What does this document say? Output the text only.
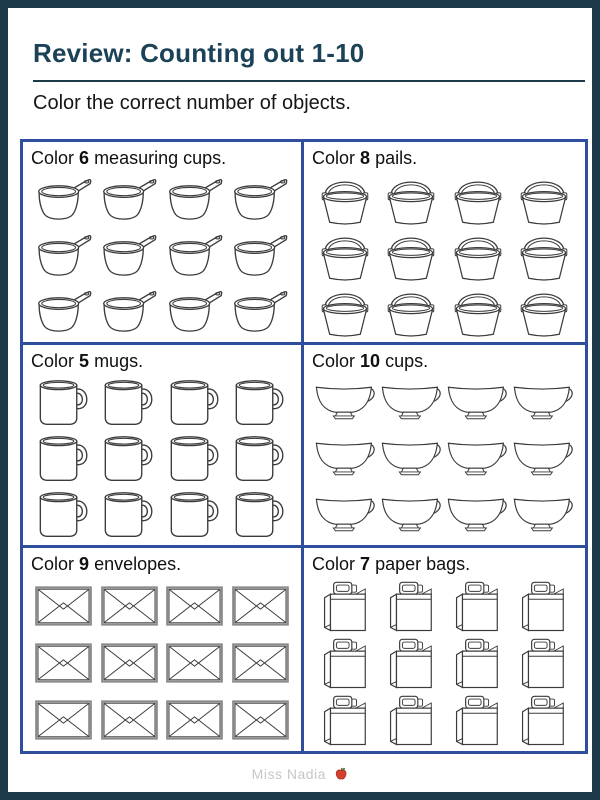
Review: Counting out 1-10

Color the correct number of objects.

Color 6 measuring cups.	Color 8 pails.
Color 5 mugs.	Color 10 cups.
Color 9 envelopes.	Color 7 paper bags.
Miss Nadia
